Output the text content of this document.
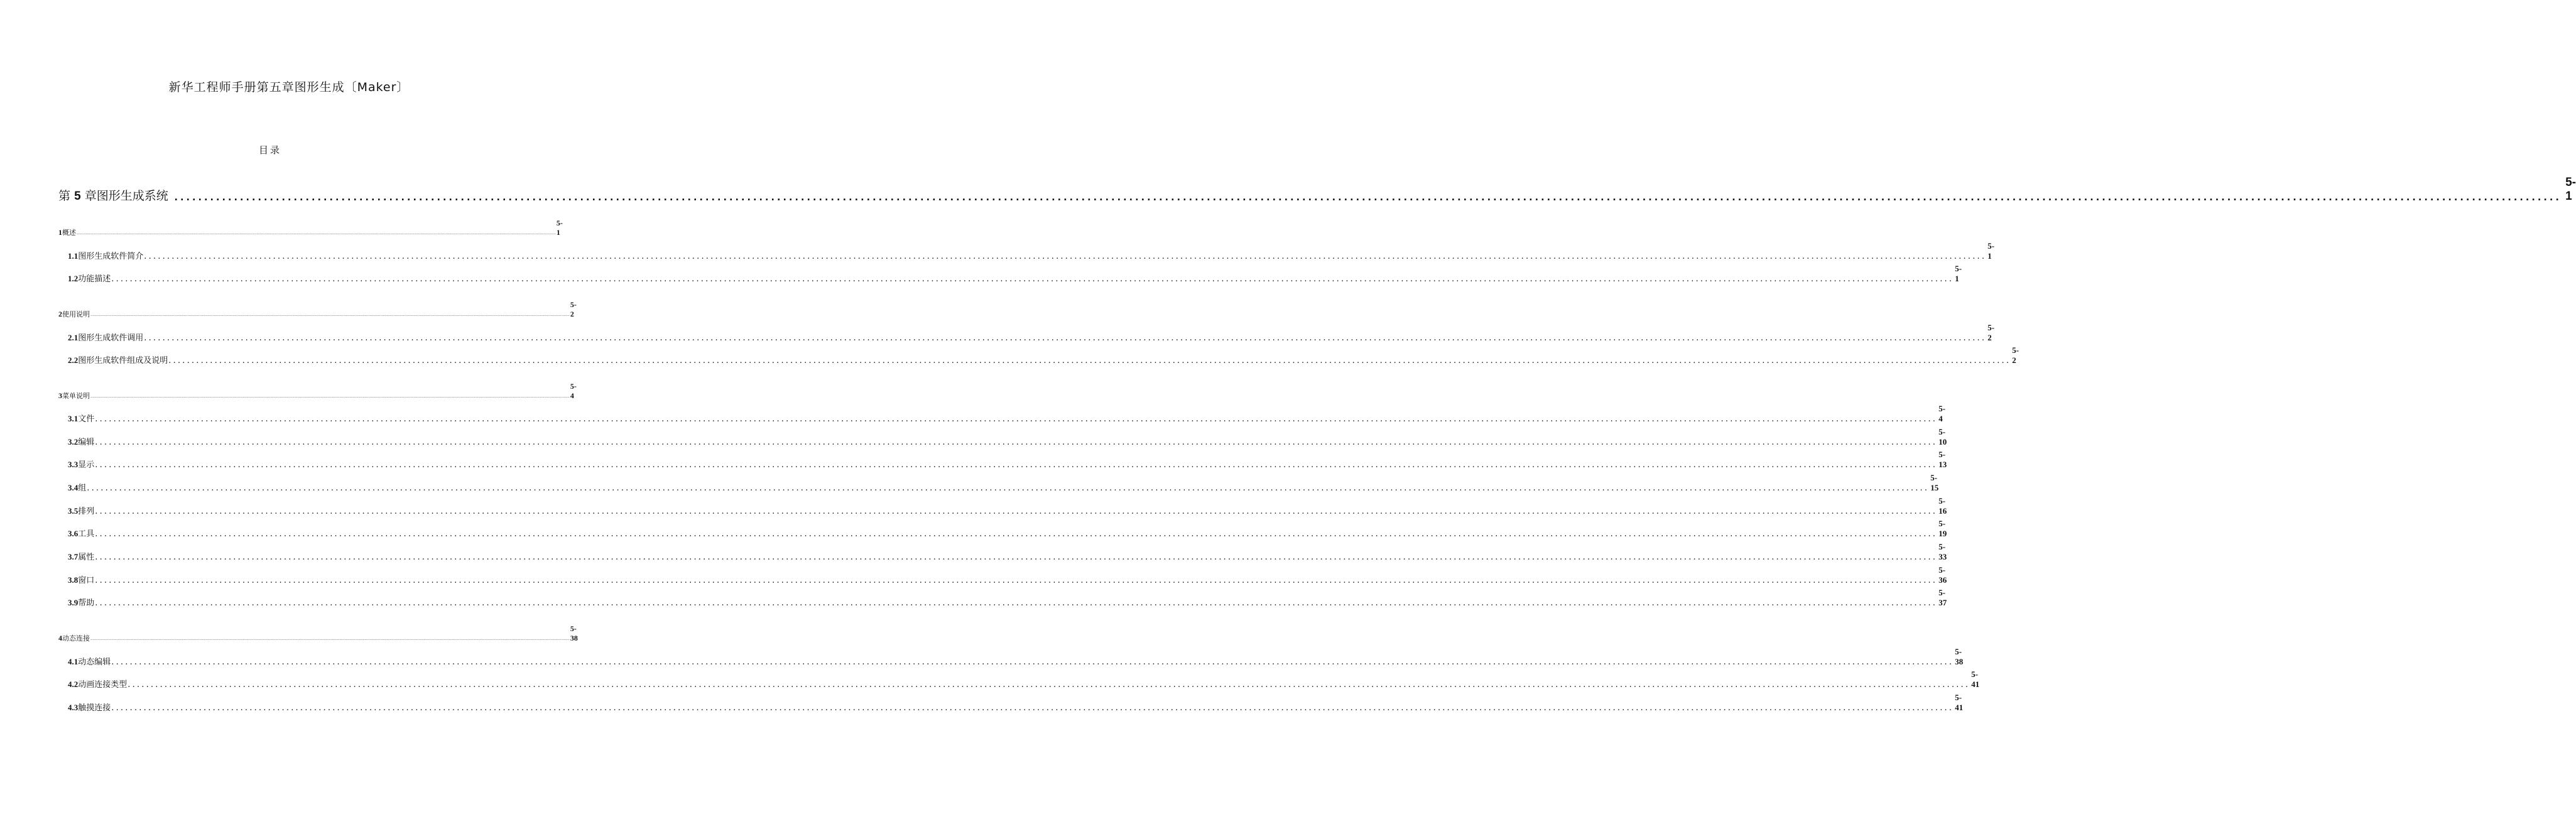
新华工程师手册第五章图形生成〔Maker〕
目录
第 5 章图形生成系统 ................................................................................................................................................................................................................................................................................................................................................................................................................
5-1
1 概述 ................................................................................................................................................................................................................................................................................................................................................................................................................
5-1
1.1 图形生成软件简介 ................................................................................................................................................................................................................................................................................................................................................................................................................
5-1
1.2 功能描述 ................................................................................................................................................................................................................................................................................................................................................................................................................
5-1
2 使用说明 ................................................................................................................................................................................................................................................................................................................................................................................................................
5-2
2.1 图形生成软件调用 ................................................................................................................................................................................................................................................................................................................................................................................................................
5-2
2.2 图形生成软件组成及说明 ................................................................................................................................................................................................................................................................................................................................................................................................................
5-2
3 菜单说明 ................................................................................................................................................................................................................................................................................................................................................................................................................
5-4
3.1 文件 ................................................................................................................................................................................................................................................................................................................................................................................................................
5-4
3.2 编辑 ................................................................................................................................................................................................................................................................................................................................................................................................................
5-10
3.3 显示 ................................................................................................................................................................................................................................................................................................................................................................................................................
5-13
3.4 组 ................................................................................................................................................................................................................................................................................................................................................................................................................
5-15
3.5 排列 ................................................................................................................................................................................................................................................................................................................................................................................................................
5-16
3.6 工具 ................................................................................................................................................................................................................................................................................................................................................................................................................
5-19
3.7 属性 ................................................................................................................................................................................................................................................................................................................................................................................................................
5-33
3.8 窗口 ................................................................................................................................................................................................................................................................................................................................................................................................................
5-36
3.9 帮助 ................................................................................................................................................................................................................................................................................................................................................................................................................
5-37
4 动态连接 ................................................................................................................................................................................................................................................................................................................................................................................................................
5-38
4.1 动态编辑 ................................................................................................................................................................................................................................................................................................................................................................................................................
5-38
4.2 动画连接类型 ................................................................................................................................................................................................................................................................................................................................................................................................................
5-41
4.3 触摸连接 ................................................................................................................................................................................................................................................................................................................................................................................................................
5-41
